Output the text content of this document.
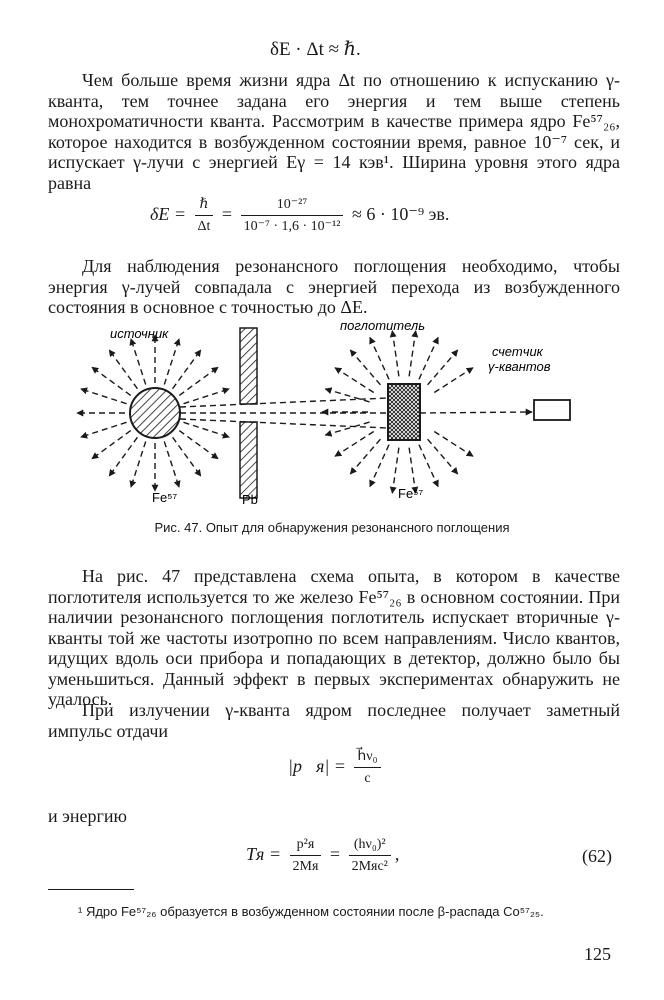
δE · Δt ≈ ℏ.
Чем больше время жизни ядра Δt по отношению к испусканию γ-кванта, тем точнее задана его энергия и тем выше степень монохроматичности кванта. Рассмотрим в качестве примера ядро Fe⁵⁷₂₆, которое находится в возбужденном состоянии время, равное 10⁻⁷ сек, и испускает γ-лучи с энергией Eγ = 14 кэв¹. Ширина уровня этого ядра равна
$\delta E = \frac{\text{ℏ}}{\Delta t} = \frac{\text{10⁻²⁷}}{\text{10⁻⁷ · 1,6 · 10⁻¹²}} \approx 6 \cdot 10^{-9}$ эв.
Для наблюдения резонансного поглощения необходимо, чтобы энергия γ-лучей совпадала с энергией перехода из возбужденного состояния в основное с точностью до ΔE.
источник
поглотитель
счетчик
γ-квантов
Fe⁵⁷	Pb	Fe⁵⁷
Рис. 47. Опыт для обнаружения резонансного поглощения
На рис. 47 представлена схема опыта, в котором в качестве поглотителя используется то же железо Fe⁵⁷₂₆ в основном состоянии. При наличии резонансного поглощения поглотитель испускает вторичные γ-кванты той же частоты изотропно по всем направлениям. Число квантов, идущих вдоль оси прибора и попадающих в детектор, должно было бы уменьшиться. Данный эффект в первых экспериментах обнаружить не удалось.
При излучении γ-кванта ядром последнее получает заметный импульс отдачи
|p⃗я| = $\frac{\text{h⃗ν₀}}{c}$
и энергию
Tя = $\frac{\text{p²я}}{2Mя} = \frac{\text{(hν₀)²}}{\text{2Mяc²}}$ ,	(62)
¹ Ядро Fe⁵⁷₂₆ образуется в возбужденном состоянии после β-распада Co⁵⁷₂₅.
125
